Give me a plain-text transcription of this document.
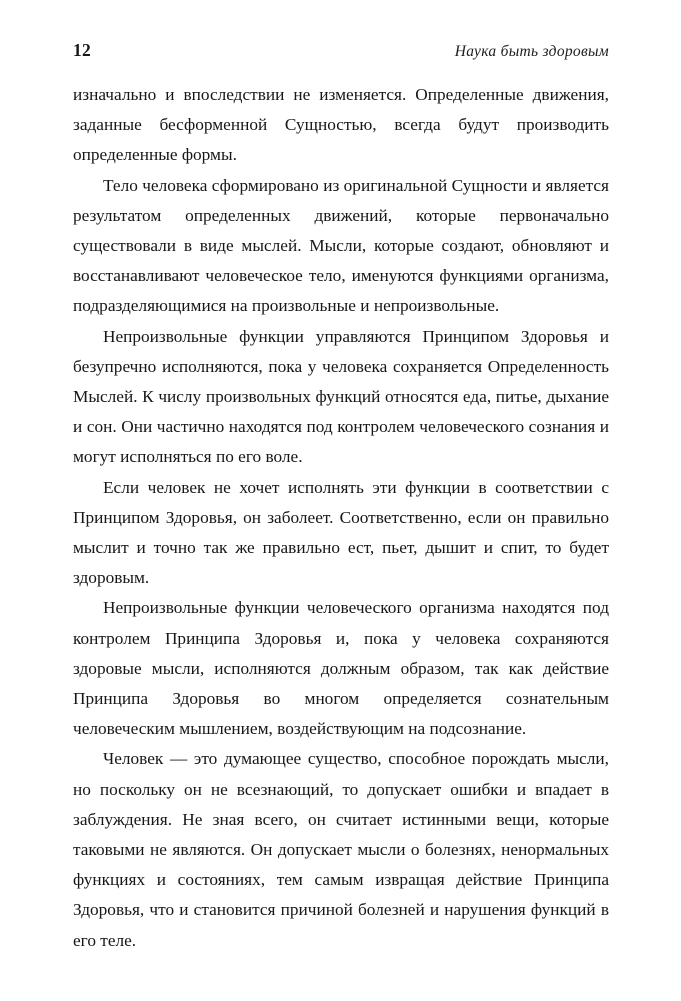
12	Наука быть здоровым

изначально и впоследствии не изменяется. Определенные движения, заданные бесформенной Сущностью, всегда будут производить определенные формы.

Тело человека сформировано из оригинальной Сущности и является результатом определенных движений, которые первоначально существовали в виде мыслей. Мысли, которые создают, обновляют и восстанавливают человеческое тело, именуются функциями организма, подразделяющимися на произвольные и непроизвольные.

Непроизвольные функции управляются Принципом Здоровья и безупречно исполняются, пока у человека сохраняется Определенность Мыслей. К числу произвольных функций относятся еда, питье, дыхание и сон. Они частично находятся под контролем человеческого сознания и могут исполняться по его воле.

Если человек не хочет исполнять эти функции в соответствии с Принципом Здоровья, он заболеет. Соответственно, если он правильно мыслит и точно так же правильно ест, пьет, дышит и спит, то будет здоровым.

Непроизвольные функции человеческого организма находятся под контролем Принципа Здоровья и, пока у человека сохраняются здоровые мысли, исполняются должным образом, так как действие Принципа Здоровья во многом определяется сознательным человеческим мышлением, воздействующим на подсознание.

Человек — это думающее существо, способное порождать мысли, но поскольку он не всезнающий, то допускает ошибки и впадает в заблуждения. Не зная всего, он считает истинными вещи, которые таковыми не являются. Он допускает мысли о болезнях, ненормальных функциях и состояниях, тем самым извращая действие Принципа Здоровья, что и становится причиной болезней и нарушения функций в его теле.
